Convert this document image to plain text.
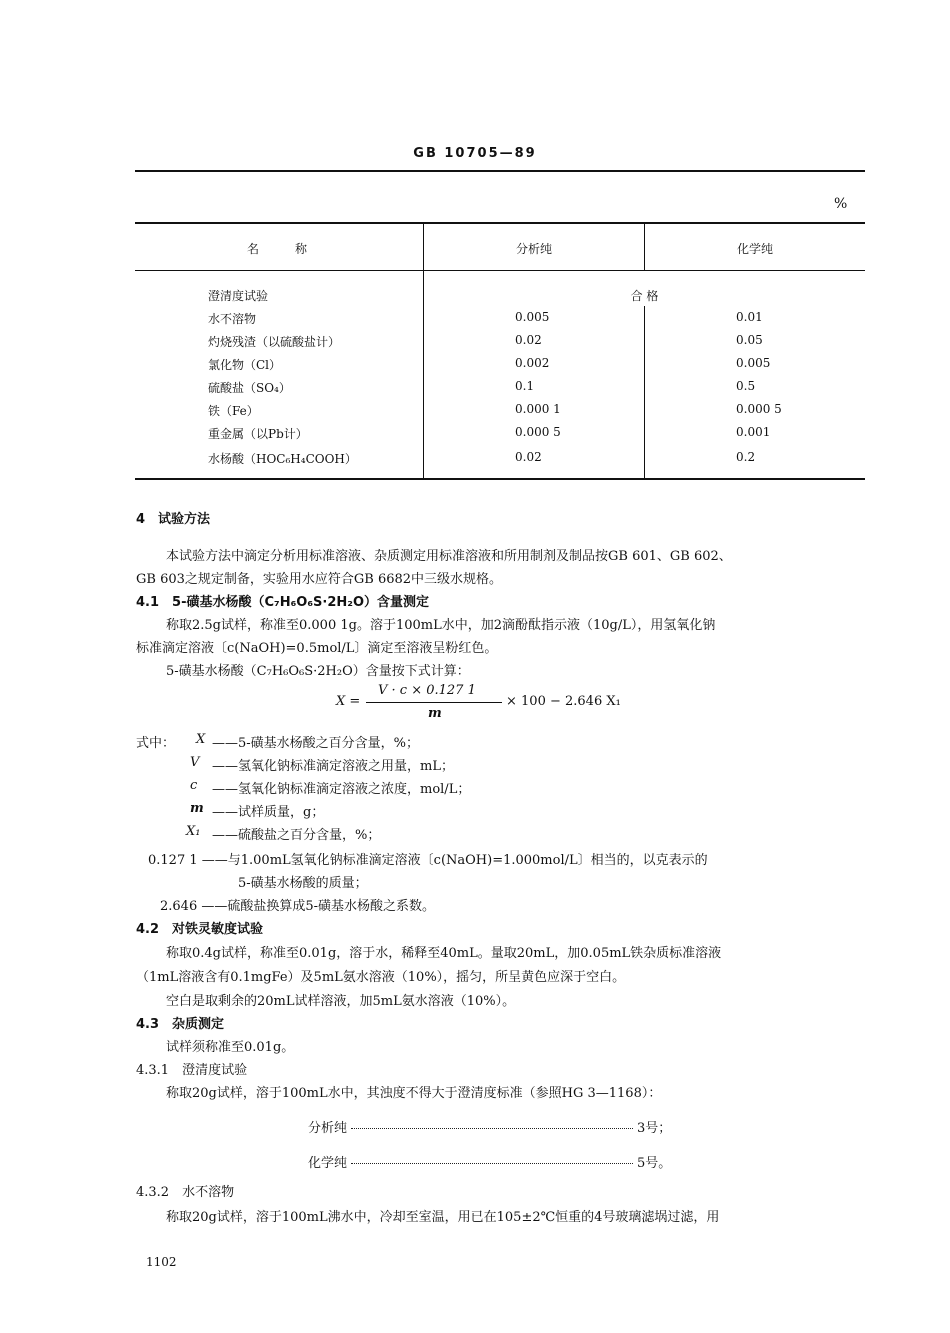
GB 10705—89
%
名　　称	分析纯	化学纯
澄清度试验	合 格
水不溶物	0.005	0.01
灼烧残渣（以硫酸盐计）	0.02	0.05
氯化物（Cl）	0.002	0.005
硫酸盐（SO₄）	0.1	0.5
铁（Fe）	0.000 1	0.000 5
重金属（以Pb计）	0.000 5	0.001
水杨酸（HOC₆H₄COOH）	0.02	0.2
4　试验方法
本试验方法中滴定分析用标准溶液、杂质测定用标准溶液和所用制剂及制品按GB 601、GB 602、
GB 603之规定制备，实验用水应符合GB 6682中三级水规格。
4.1　5-磺基水杨酸（C₇H₆O₆S·2H₂O）含量测定
称取2.5g试样，称准至0.000 1g。溶于100mL水中，加2滴酚酞指示液（10g/L），用氢氧化钠
标准滴定溶液〔c(NaOH)=0.5mol/L〕滴定至溶液呈粉红色。
5-磺基水杨酸（C₇H₆O₆S·2H₂O）含量按下式计算：
X =
V · c × 0.127 1
m
× 100 − 2.646 X₁
式中： X ——5-磺基水杨酸之百分含量，%；
V ——氢氧化钠标准滴定溶液之用量，mL；
c ——氢氧化钠标准滴定溶液之浓度，mol/L；
m ——试样质量，g；
X₁ ——硫酸盐之百分含量，%；
0.127 1 ——与1.00mL氢氧化钠标准滴定溶液〔c(NaOH)=1.000mol/L〕相当的，以克表示的
5-磺基水杨酸的质量；
2.646 ——硫酸盐换算成5-磺基水杨酸之系数。
4.2　对铁灵敏度试验
称取0.4g试样，称准至0.01g，溶于水，稀释至40mL。量取20mL，加0.05mL铁杂质标准溶液
（1mL溶液含有0.1mgFe）及5mL氨水溶液（10%），摇匀，所呈黄色应深于空白。
空白是取剩余的20mL试样溶液，加5mL氨水溶液（10%）。
4.3　杂质测定
试样须称准至0.01g。
4.3.1　澄清度试验
称取20g试样，溶于100mL水中，其浊度不得大于澄清度标准（参照HG 3—1168）：
分析纯	3号；
化学纯	5号。
4.3.2　水不溶物
称取20g试样，溶于100mL沸水中，冷却至室温，用已在105±2℃恒重的4号玻璃滤埚过滤，用
1102
